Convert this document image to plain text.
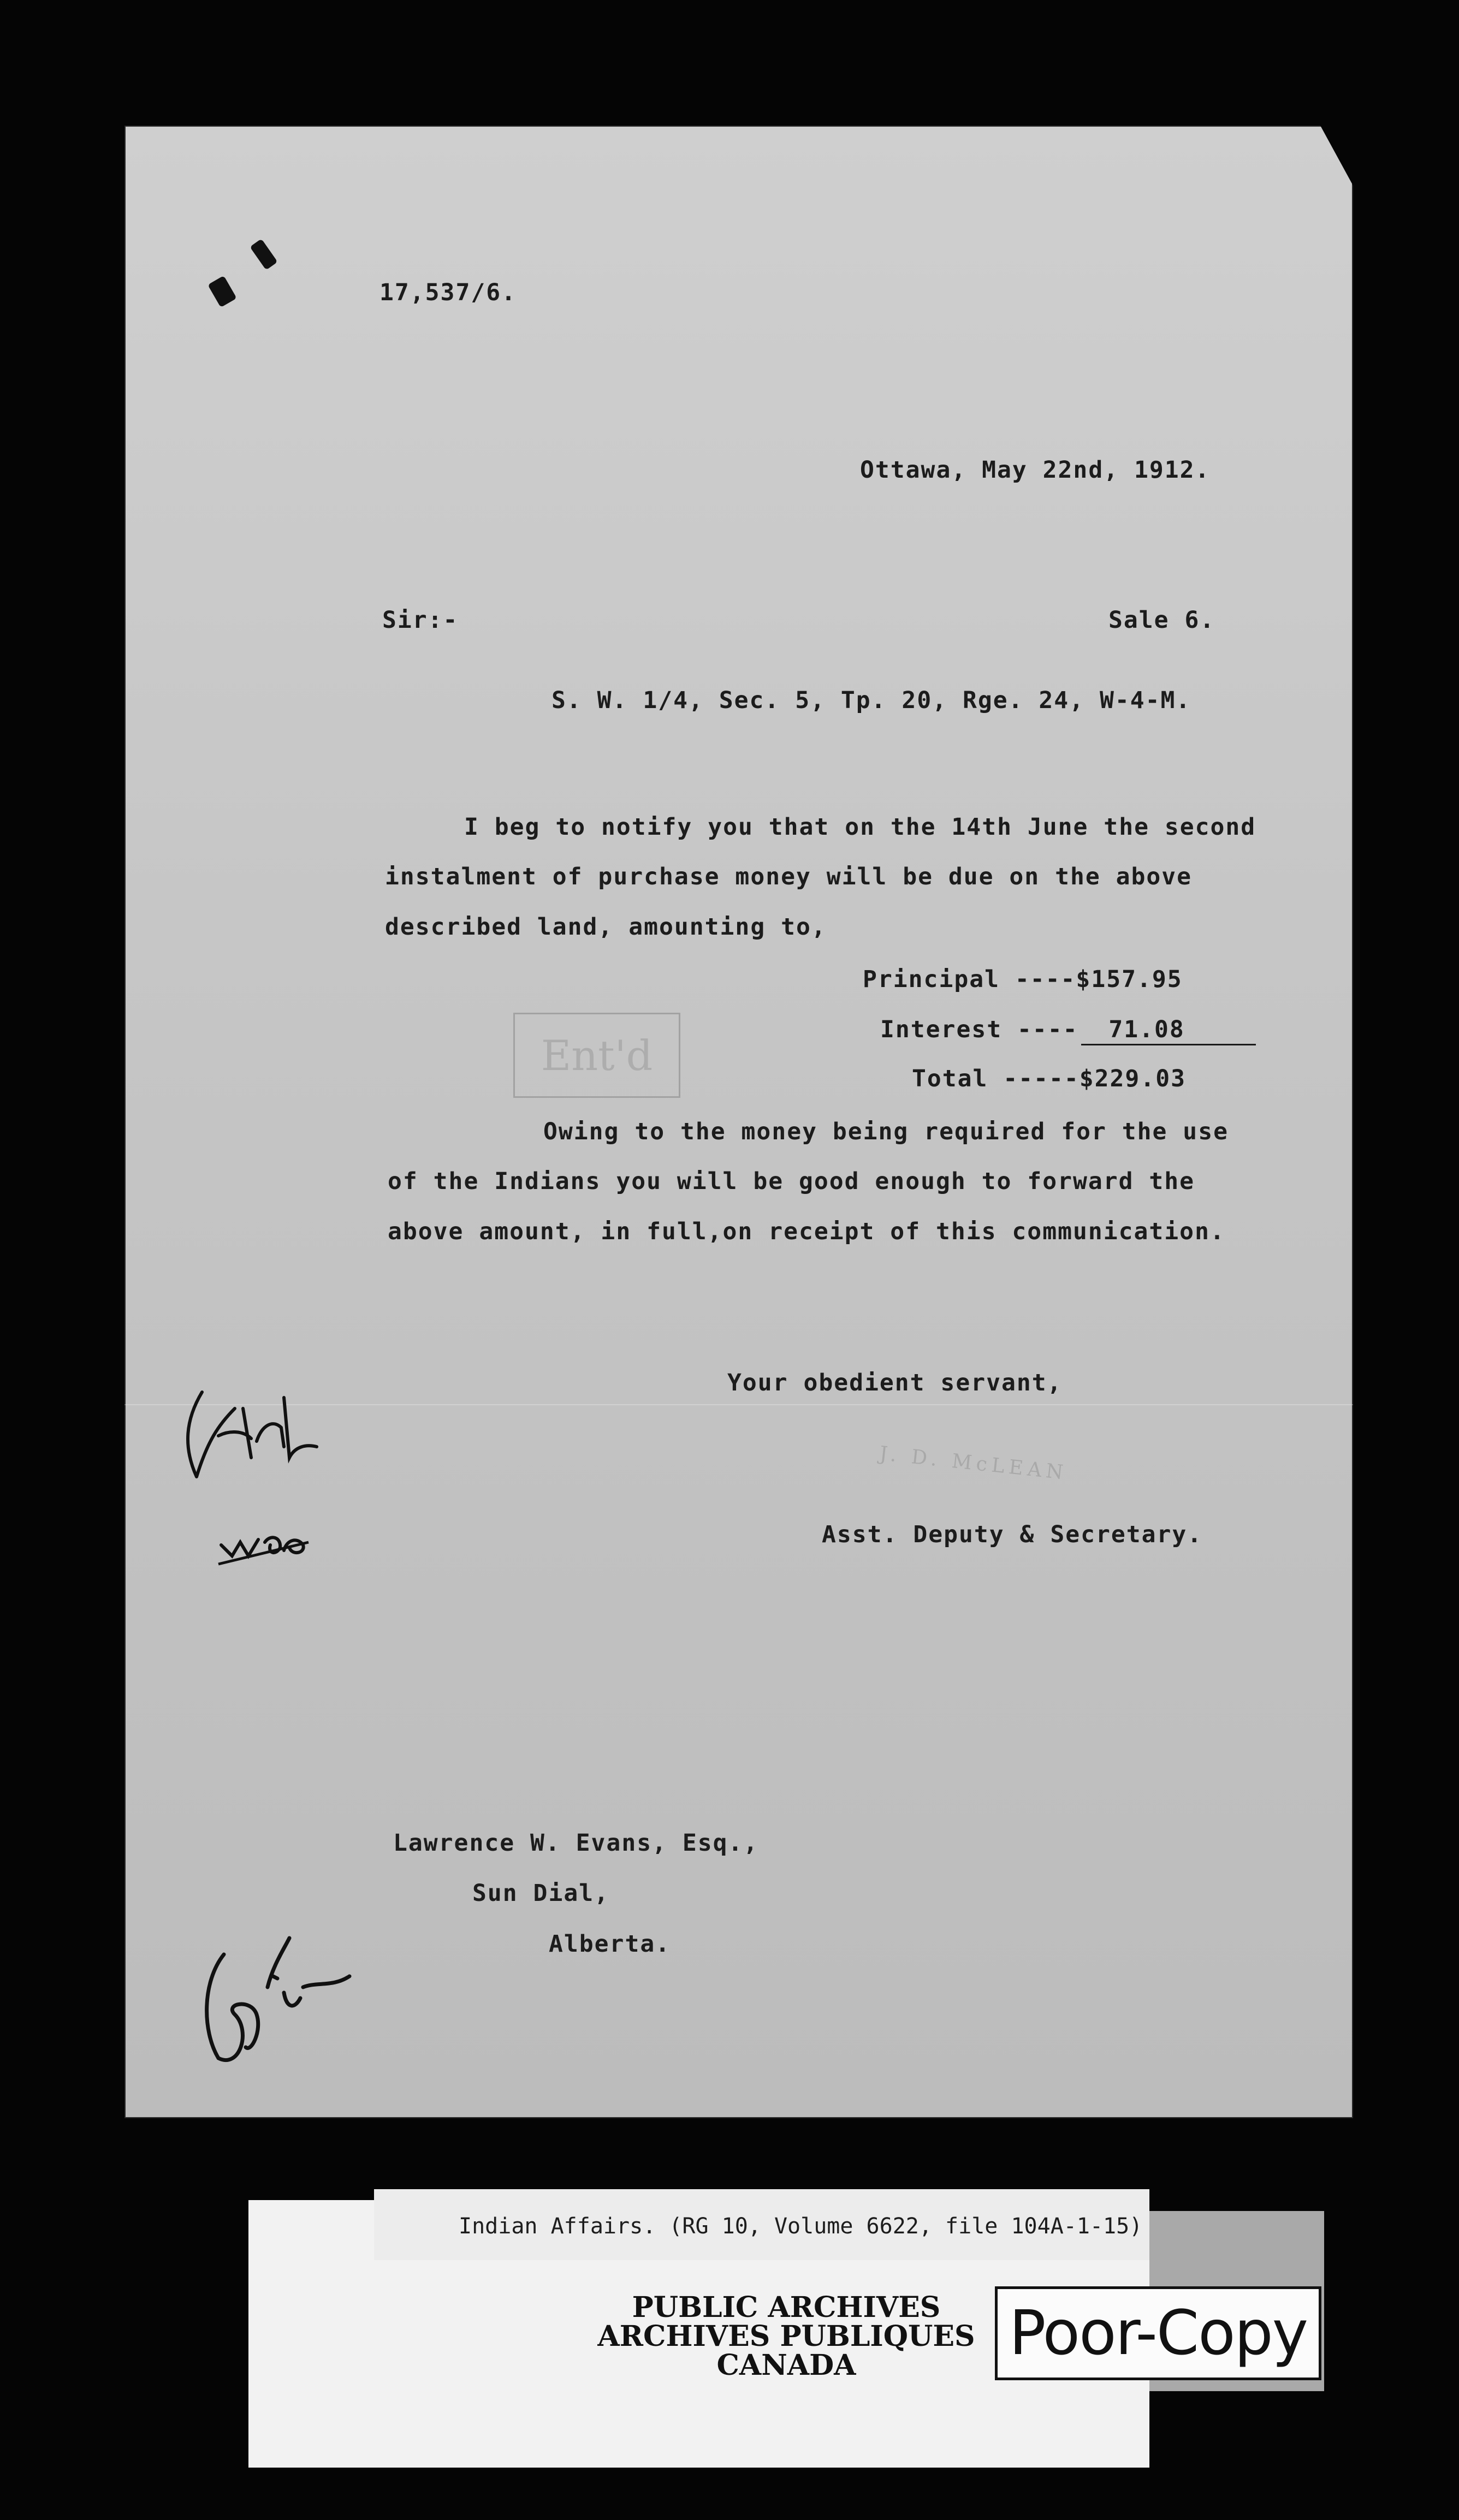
17,537/6.
Ottawa, May 22nd, 1912.
Sir:-	Sale 6.
S. W. 1/4, Sec. 5, Tp. 20, Rge. 24, W-4-M.
I beg to notify you that on the 14th June the second
instalment of purchase money will be due on the above
described land, amounting to,
Principal ----$157.95
Interest ----  71.08
Total -----$229.03
Ent'd
Owing to the money being required for the use
of the Indians you will be good enough to forward the
above amount, in full,on receipt of this communication.
Your obedient servant,
J. D. McLEAN
Asst. Deputy & Secretary.
Lawrence W. Evans, Esq.,
Sun Dial,
Alberta.
Indian Affairs. (RG 10, Volume 6622, file 104A-1-15)
PUBLIC ARCHIVES
ARCHIVES PUBLIQUES
CANADA	Poor-Copy
